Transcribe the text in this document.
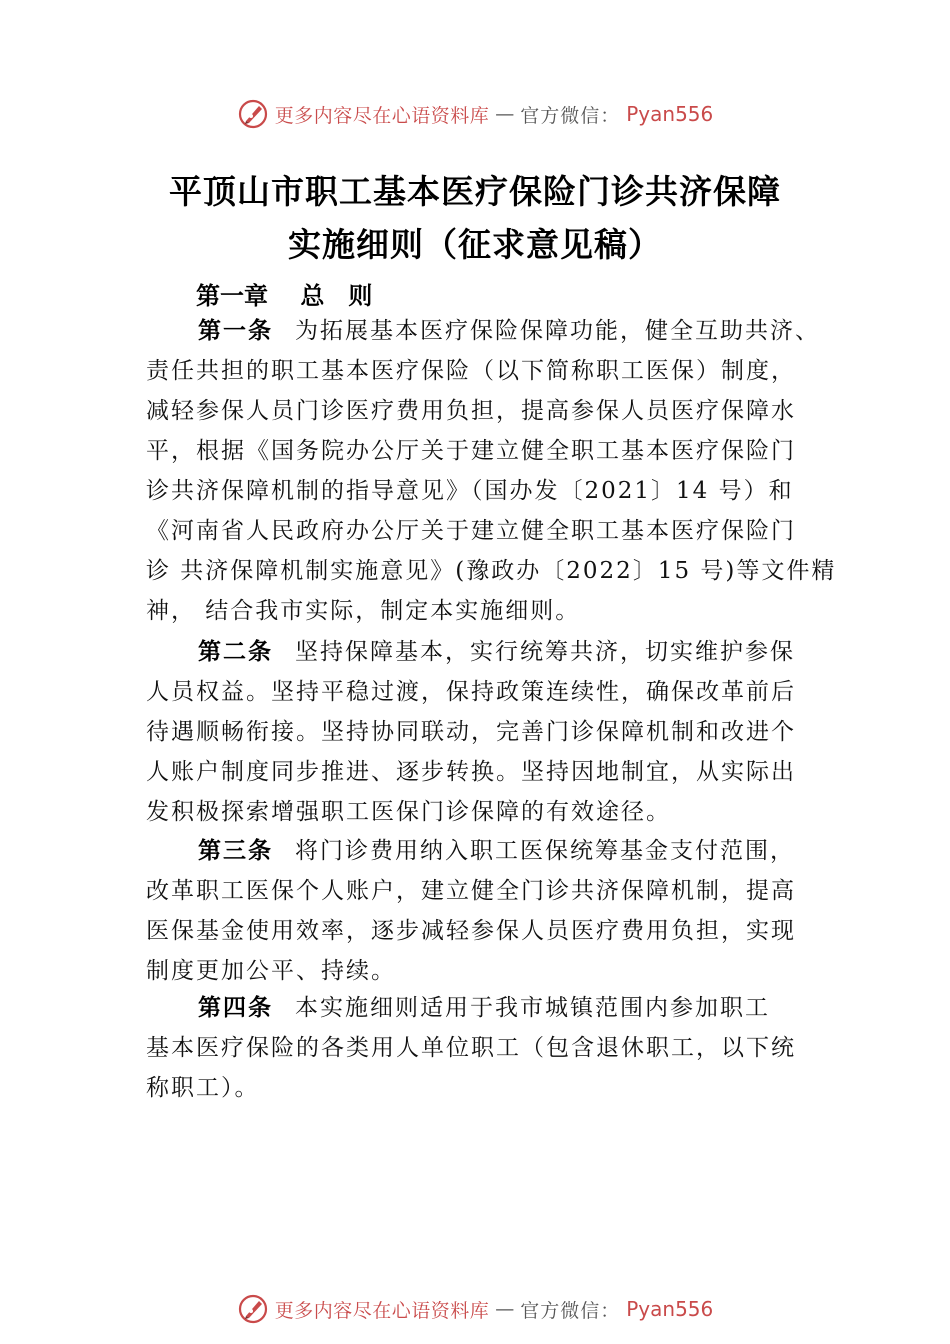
更多内容尽在心语资料库 — 官方微信： Pyan556
平顶山市职工基本医疗保险门诊共济保障
实施细则（征求意见稿）
第一章　 总　则
第一条 为拓展基本医疗保险保障功能，健全互助共济、
责任共担的职工基本医疗保险（以下简称职工医保）制度，
减轻参保人员门诊医疗费用负担，提高参保人员医疗保障水
平，根据《国务院办公厅关于建立健全职工基本医疗保险门
诊共济保障机制的指导意见》（国办发〔2021〕14 号）和
《河南省人民政府办公厅关于建立健全职工基本医疗保险门
诊 共济保障机制实施意见》(豫政办〔2022〕15 号)等文件精
神， 结合我市实际，制定本实施细则。
第二条 坚持保障基本，实行统筹共济，切实维护参保
人员权益。坚持平稳过渡，保持政策连续性，确保改革前后
待遇顺畅衔接。坚持协同联动，完善门诊保障机制和改进个
人账户制度同步推进、逐步转换。坚持因地制宜，从实际出
发积极探索增强职工医保门诊保障的有效途径。
第三条 将门诊费用纳入职工医保统筹基金支付范围，
改革职工医保个人账户，建立健全门诊共济保障机制，提高
医保基金使用效率，逐步减轻参保人员医疗费用负担，实现
制度更加公平、持续。
第四条 本实施细则适用于我市城镇范围内参加职工
基本医疗保险的各类用人单位职工（包含退休职工，以下统
称职工）。
更多内容尽在心语资料库 — 官方微信： Pyan556
